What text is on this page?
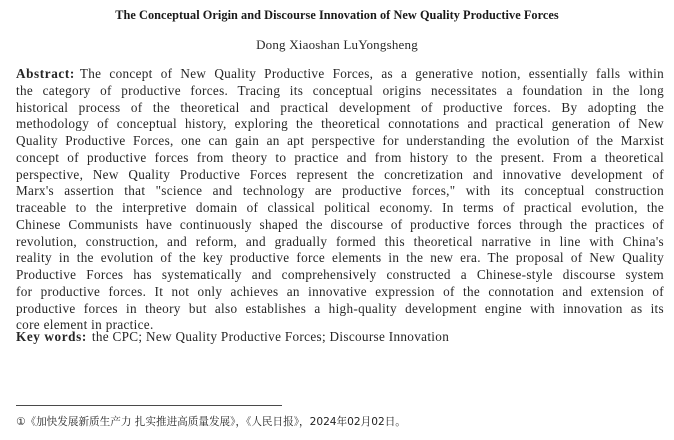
The Conceptual Origin and Discourse Innovation of New Quality Productive Forces
Dong Xiaoshan LuYongsheng
Abstract: The concept of New Quality Productive Forces, as a generative notion, essentially falls within
the category of productive forces. Tracing its conceptual origins necessitates a foundation in the long
historical process of the theoretical and practical development of productive forces. By adopting the
methodology of conceptual history, exploring the theoretical connotations and practical generation of New
Quality Productive Forces, one can gain an apt perspective for understanding the evolution of the Marxist
concept of productive forces from theory to practice and from history to the present. From a theoretical
perspective, New Quality Productive Forces represent the concretization and innovative development of
Marx's assertion that "science and technology are productive forces," with its conceptual construction
traceable to the interpretive domain of classical political economy. In terms of practical evolution, the
Chinese Communists have continuously shaped the discourse of productive forces through the practices of
revolution, construction, and reform, and gradually formed this theoretical narrative in line with China's
reality in the evolution of the key productive force elements in the new era. The proposal of New Quality
Productive Forces has systematically and comprehensively constructed a Chinese-style discourse system
for productive forces. It not only achieves an innovative expression of the connotation and extension of
productive forces in theory but also establishes a high-quality development engine with innovation as its
core element in practice.
Key words: the CPC; New Quality Productive Forces; Discourse Innovation
①《加快发展新质生产力 扎实推进高质量发展》，《人民日报》，2024年02月02日。
